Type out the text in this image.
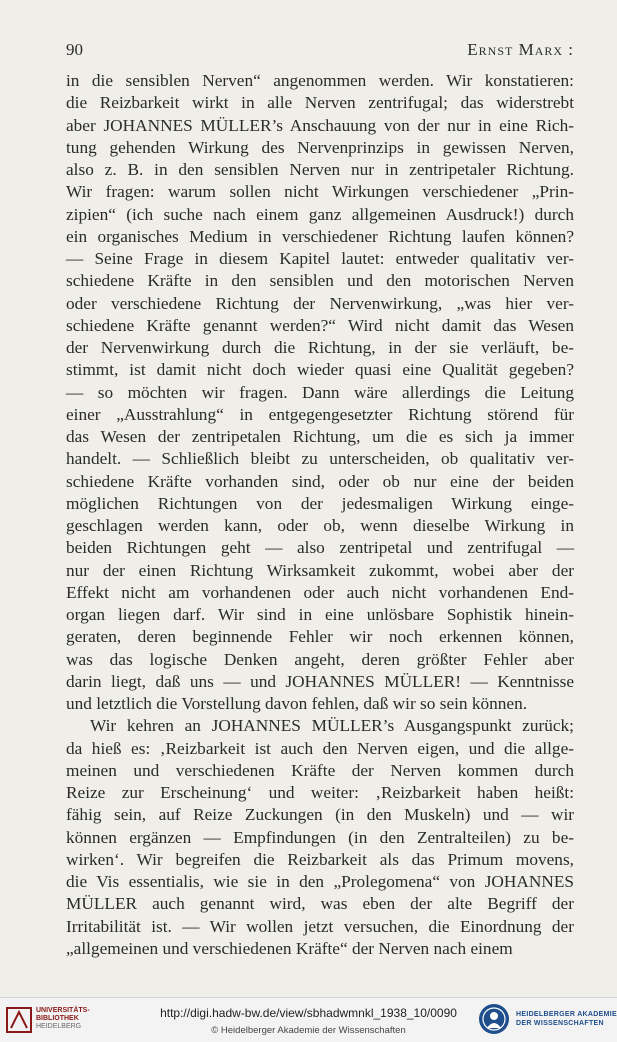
90	Ernst Marx :
in die sensiblen Nerven“ angenommen werden. Wir konstatieren:
die Reizbarkeit wirkt in alle Nerven zentrifugal; das widerstrebt
aber JOHANNES MÜLLER’s Anschauung von der nur in eine Rich-
tung gehenden Wirkung des Nervenprinzips in gewissen Nerven,
also z. B. in den sensiblen Nerven nur in zentripetaler Richtung.
Wir fragen: warum sollen nicht Wirkungen verschiedener „Prin-
zipien“ (ich suche nach einem ganz allgemeinen Ausdruck!) durch
ein organisches Medium in verschiedener Richtung laufen können?
— Seine Frage in diesem Kapitel lautet: entweder qualitativ ver-
schiedene Kräfte in den sensiblen und den motorischen Nerven
oder verschiedene Richtung der Nervenwirkung, „was hier ver-
schiedene Kräfte genannt werden?“ Wird nicht damit das Wesen
der Nervenwirkung durch die Richtung, in der sie verläuft, be-
stimmt, ist damit nicht doch wieder quasi eine Qualität gegeben?
— so möchten wir fragen. Dann wäre allerdings die Leitung
einer „Ausstrahlung“ in entgegengesetzter Richtung störend für
das Wesen der zentripetalen Richtung, um die es sich ja immer
handelt. — Schließlich bleibt zu unterscheiden, ob qualitativ ver-
schiedene Kräfte vorhanden sind, oder ob nur eine der beiden
möglichen Richtungen von der jedesmaligen Wirkung einge-
geschlagen werden kann, oder ob, wenn dieselbe Wirkung in
beiden Richtungen geht — also zentripetal und zentrifugal —
nur der einen Richtung Wirksamkeit zukommt, wobei aber der
Effekt nicht am vorhandenen oder auch nicht vorhandenen End-
organ liegen darf. Wir sind in eine unlösbare Sophistik hinein-
geraten, deren beginnende Fehler wir noch erkennen können,
was das logische Denken angeht, deren größter Fehler aber
darin liegt, daß uns — und JOHANNES MÜLLER! — Kenntnisse
und letztlich die Vorstellung davon fehlen, daß wir so sein können.
Wir kehren an JOHANNES MÜLLER’s Ausgangspunkt zurück;
da hieß es: ‚Reizbarkeit ist auch den Nerven eigen, und die allge-
meinen und verschiedenen Kräfte der Nerven kommen durch
Reize zur Erscheinung‘ und weiter: ‚Reizbarkeit haben heißt:
fähig sein, auf Reize Zuckungen (in den Muskeln) und — wir
können ergänzen — Empfindungen (in den Zentralteilen) zu be-
wirken‘. Wir begreifen die Reizbarkeit als das Primum movens,
die Vis essentialis, wie sie in den „Prolegomena“ von JOHANNES
MÜLLER auch genannt wird, was eben der alte Begriff der
Irritabilität ist. — Wir wollen jetzt versuchen, die Einordnung der
„allgemeinen und verschiedenen Kräfte“ der Nerven nach einem
UNIVERSITÄTS-
BIBLIOTHEK
HEIDELBERG
http://digi.hadw-bw.de/view/sbhadwmnkl_1938_10/0090
© Heidelberger Akademie der Wissenschaften
HEIDELBERGER AKADEMIE
DER WISSENSCHAFTEN
